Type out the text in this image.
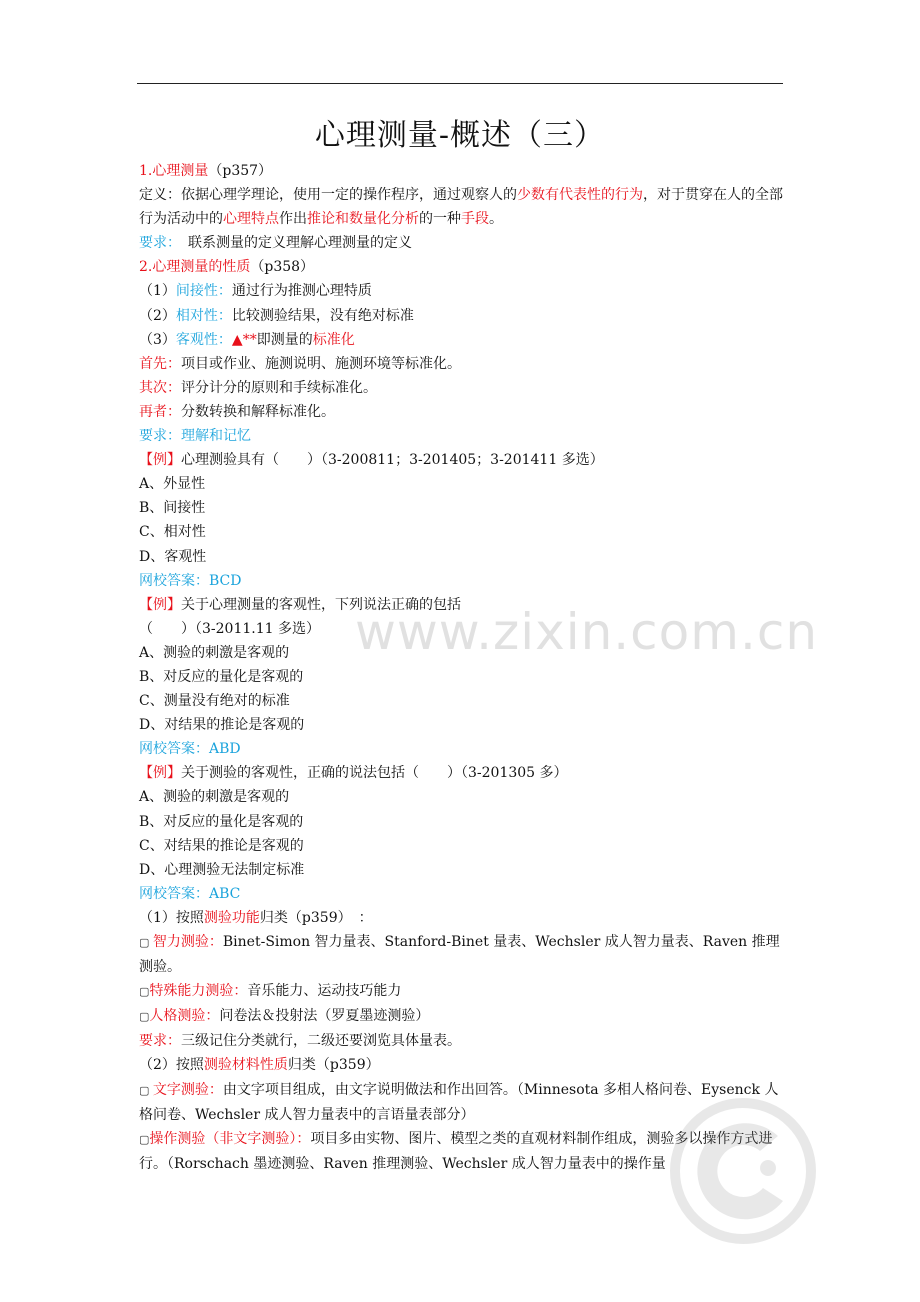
心理测量-概述（三）
1.心理测量（p357）
定义：依据心理学理论，使用一定的操作程序，通过观察人的少数有代表性的行为，对于贯穿在人的全部行为活动中的心理特点作出推论和数量化分析的一种手段。
要求：　联系测量的定义理解心理测量的定义
2.心理测量的性质（p358）
（1）间接性：通过行为推测心理特质
（2）相对性：比较测验结果，没有绝对标准
（3）客观性：▲**即测量的标准化
首先：项目或作业、施测说明、施测环境等标准化。
其次：评分计分的原则和手续标准化。
再者：分数转换和解释标准化。
要求：理解和记忆
【例】心理测验具有（　　）（3-200811；3-201405；3-201411 多选）
A、外显性
B、间接性
C、相对性
D、客观性
网校答案：BCD
【例】关于心理测量的客观性，下列说法正确的包括
（　　）（3-2011.11 多选）
A、测验的刺激是客观的
B、对反应的量化是客观的
C、测量没有绝对的标准
D、对结果的推论是客观的
网校答案：ABD
【例】关于测验的客观性，正确的说法包括（　　）（3-201305 多）
A、测验的刺激是客观的
B、对反应的量化是客观的
C、对结果的推论是客观的
D、心理测验无法制定标准
网校答案：ABC
（1）按照测验功能归类（p359）　：
▢ 智力测验：Binet-Simon 智力量表、Stanford-Binet 量表、Wechsler 成人智力量表、Raven 推理测验。
▢特殊能力测验：音乐能力、运动技巧能力
▢人格测验：问卷法＆投射法（罗夏墨迹测验）
要求：三级记住分类就行，二级还要浏览具体量表。
（2）按照测验材料性质归类（p359）
▢ 文字测验：由文字项目组成，由文字说明做法和作出回答。（Minnesota 多相人格问卷、Eysenck 人格问卷、Wechsler 成人智力量表中的言语量表部分）
▢操作测验（非文字测验）：项目多由实物、图片、模型之类的直观材料制作组成，测验多以操作方式进行。（Rorschach 墨迹测验、Raven 推理测验、Wechsler 成人智力量表中的操作量
www.zixin.com.cn
